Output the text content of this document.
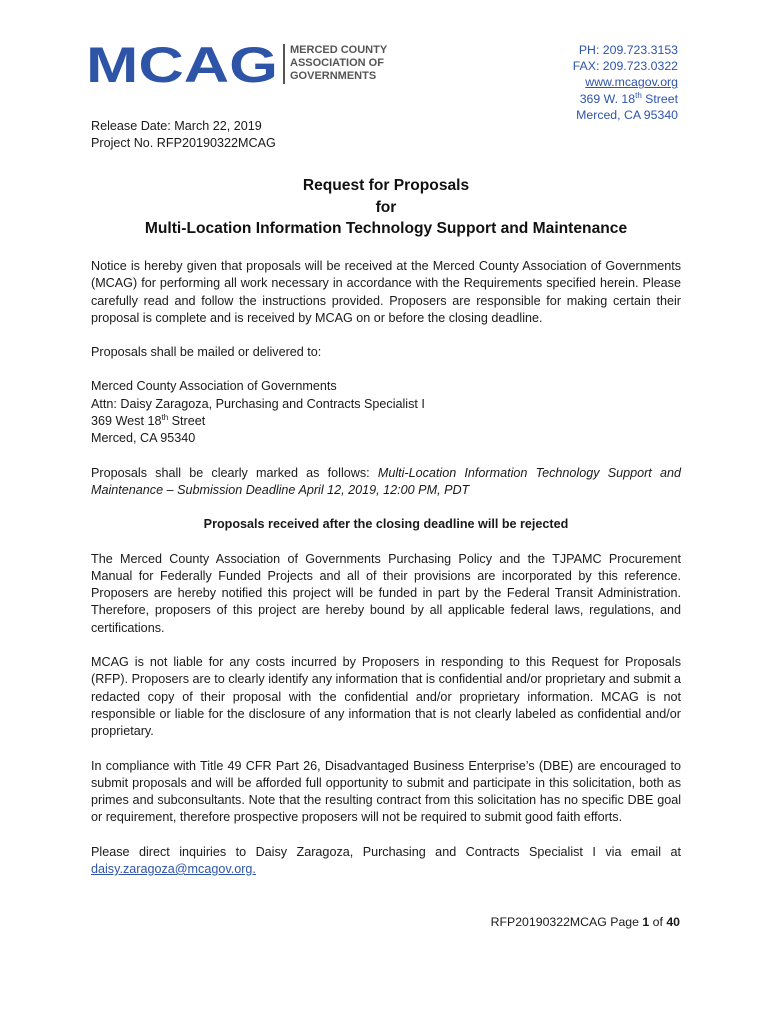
MCAG MERCED COUNTY
ASSOCIATION OF
GOVERNMENTS
PH: 209.723.3153
FAX: 209.723.0322
www.mcagov.org
369 W. 18th Street
Merced, CA 95340
Release Date: March 22, 2019
Project No. RFP20190322MCAG
Request for Proposals
for
Multi-Location Information Technology Support and Maintenance

Notice is hereby given that proposals will be received at the Merced County Association of Governments (MCAG) for performing all work necessary in accordance with the Requirements specified herein. Please carefully read and follow the instructions provided. Proposers are responsible for making certain their proposal is complete and is received by MCAG on or before the closing deadline.

Proposals shall be mailed or delivered to:

Merced County Association of Governments
Attn: Daisy Zaragoza, Purchasing and Contracts Specialist I
369 West 18th Street
Merced, CA 95340

Proposals shall be clearly marked as follows: Multi-Location Information Technology Support and Maintenance – Submission Deadline April 12, 2019, 12:00 PM, PDT

Proposals received after the closing deadline will be rejected

The Merced County Association of Governments Purchasing Policy and the TJPAMC Procurement Manual for Federally Funded Projects and all of their provisions are incorporated by this reference. Proposers are hereby notified this project will be funded in part by the Federal Transit Administration. Therefore, proposers of this project are hereby bound by all applicable federal laws, regulations, and certifications.

MCAG is not liable for any costs incurred by Proposers in responding to this Request for Proposals (RFP). Proposers are to clearly identify any information that is confidential and/or proprietary and submit a redacted copy of their proposal with the confidential and/or proprietary information. MCAG is not responsible or liable for the disclosure of any information that is not clearly labeled as confidential and/or proprietary.

In compliance with Title 49 CFR Part 26, Disadvantaged Business Enterprise’s (DBE) are encouraged to submit proposals and will be afforded full opportunity to submit and participate in this solicitation, both as primes and subconsultants. Note that the resulting contract from this solicitation has no specific DBE goal or requirement, therefore prospective proposers will not be required to submit good faith efforts.

Please direct inquiries to Daisy Zaragoza, Purchasing and Contracts Specialist I via email at daisy.zaragoza@mcagov.org.

RFP20190322MCAG Page 1 of 40
